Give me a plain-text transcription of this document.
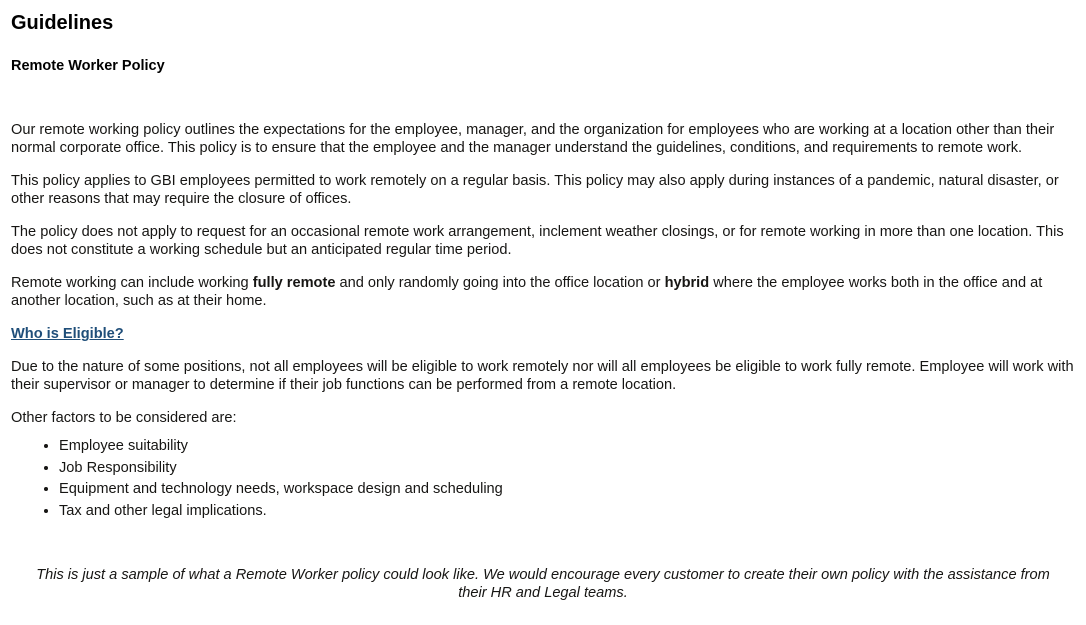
Guidelines
Remote Worker Policy

Our remote working policy outlines the expectations for the employee, manager, and the organization for employees who are working at a location other than their normal corporate office. This policy is to ensure that the employee and the manager understand the guidelines, conditions, and requirements to remote work.

This policy applies to GBI employees permitted to work remotely on a regular basis. This policy may also apply during instances of a pandemic, natural disaster, or other reasons that may require the closure of offices.

The policy does not apply to request for an occasional remote work arrangement, inclement weather closings, or for remote working in more than one location. This does not constitute a working schedule but an anticipated regular time period.

Remote working can include working fully remote and only randomly going into the office location or hybrid where the employee works both in the office and at another location, such as at their home.

Who is Eligible?

Due to the nature of some positions, not all employees will be eligible to work remotely nor will all employees be eligible to work fully remote. Employee will work with their supervisor or manager to determine if their job functions can be performed from a remote location.

Other factors to be considered are:

• Employee suitability
• Job Responsibility
• Equipment and technology needs, workspace design and scheduling
• Tax and other legal implications.

This is just a sample of what a Remote Worker policy could look like. We would encourage every customer to create their own policy with the assistance from their HR and Legal teams.
